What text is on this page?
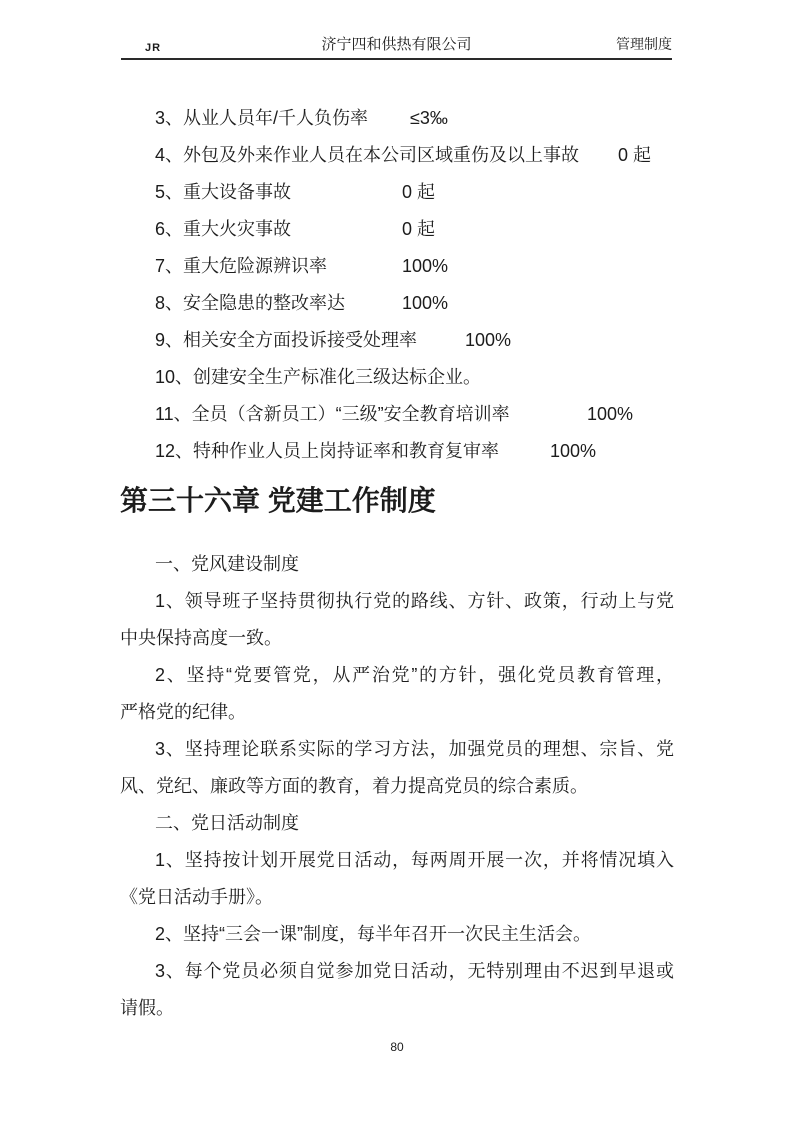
JR	济宁四和供热有限公司	管理制度
3、从业人员年/千人负伤率 ≤3‰
4、外包及外来作业人员在本公司区域重伤及以上事故 0 起
5、重大设备事故	0 起
6、重大火灾事故	0 起
7、重大危险源辨识率	100%
8、安全隐患的整改率达	100%
9、相关安全方面投诉接受处理率	100%
10、创建安全生产标准化三级达标企业。
11、全员（含新员工）“三级”安全教育培训率	100%
12、特种作业人员上岗持证率和教育复审率	100%
第三十六章 党建工作制度
一、党风建设制度
1、领导班子坚持贯彻执行党的路线、方针、政策，行动上与党
中央保持高度一致。
2、坚持“党要管党，从严治党”的方针，强化党员教育管理，
严格党的纪律。
3、坚持理论联系实际的学习方法，加强党员的理想、宗旨、党
风、党纪、廉政等方面的教育，着力提高党员的综合素质。
二、党日活动制度
1、坚持按计划开展党日活动，每两周开展一次，并将情况填入
《党日活动手册》。
2、坚持“三会一课”制度，每半年召开一次民主生活会。
3、每个党员必须自觉参加党日活动，无特别理由不迟到早退或
请假。
80
